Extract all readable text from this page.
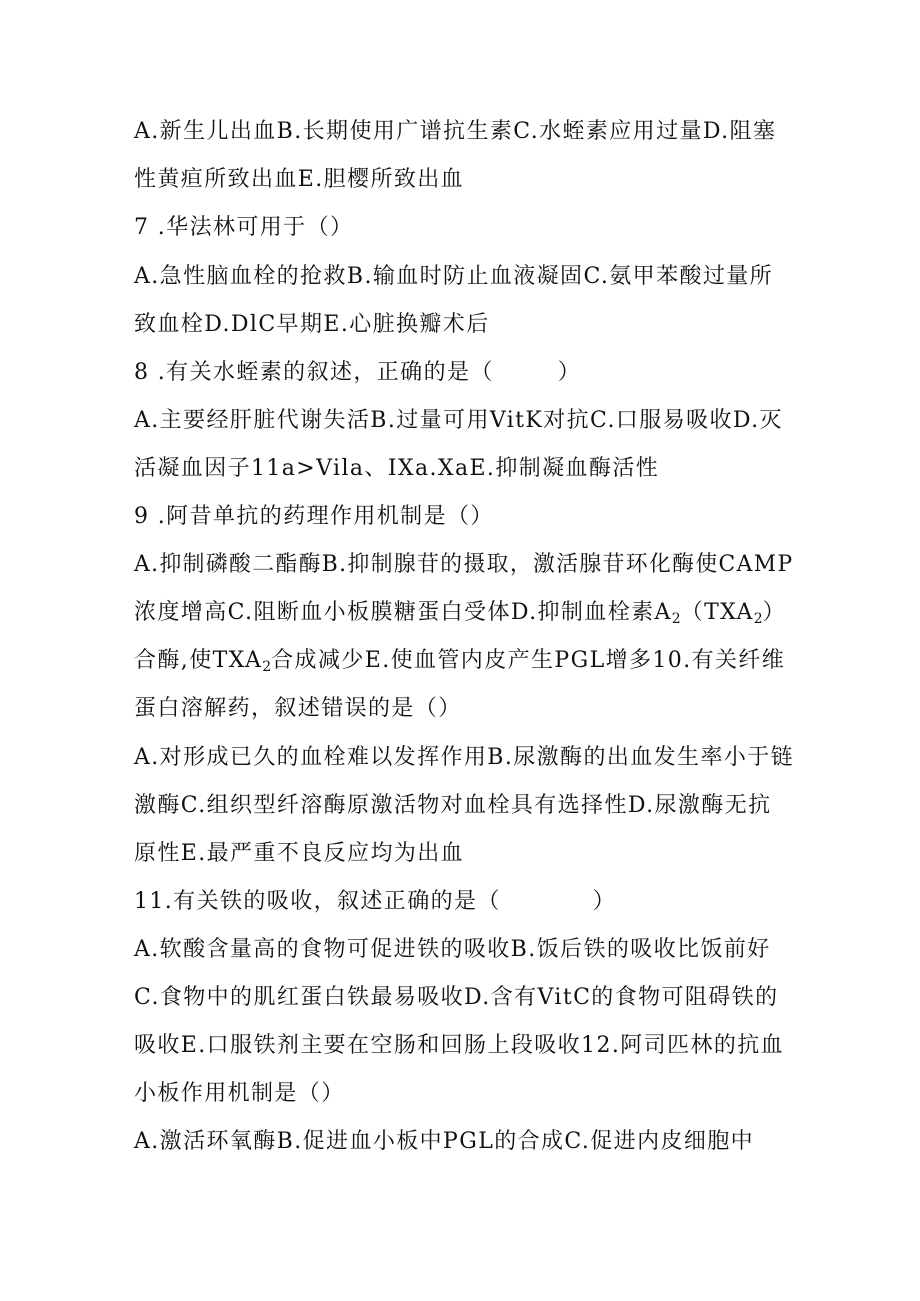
A.新生儿出血B.长期使用广谱抗生素C.水蛭素应用过量D.阻塞
性黄疸所致出血E.胆樱所致出血
7 .华法林可用于（）
A.急性脑血栓的抢救B.输血时防止血液凝固C.氨甲苯酸过量所
致血栓D.DlC早期E.心脏换瓣术后
8 .有关水蛭素的叙述，正确的是（	）
A.主要经肝脏代谢失活B.过量可用VitK对抗C.口服易吸收D.灭
活凝血因子11a>Vila、IXa.XaE.抑制凝血酶活性
9 .阿昔单抗的药理作用机制是（）
A.抑制磷酸二酯酶B.抑制腺苷的摄取，激活腺苷环化酶使CAMP
浓度增高C.阻断血小板膜糖蛋白受体D.抑制血栓素$A_2(TXA_2)$
合酶,使$TXA_2$合成减少E.使血管内皮产生PGL增多10.有关纤维
蛋白溶解药，叙述错误的是（）
A.对形成已久的血栓难以发挥作用B.尿激酶的出血发生率小于链
激酶C.组织型纤溶酶原激活物对血栓具有选择性D.尿激酶无抗
原性E.最严重不良反应均为出血
11.有关铁的吸收，叙述正确的是（	）
A.软酸含量高的食物可促进铁的吸收B.饭后铁的吸收比饭前好
C.食物中的肌红蛋白铁最易吸收D.含有VitC的食物可阻碍铁的
吸收E.口服铁剂主要在空肠和回肠上段吸收12.阿司匹林的抗血
小板作用机制是（）
A.激活环氧酶B.促进血小板中PGL的合成C.促进内皮细胞中
